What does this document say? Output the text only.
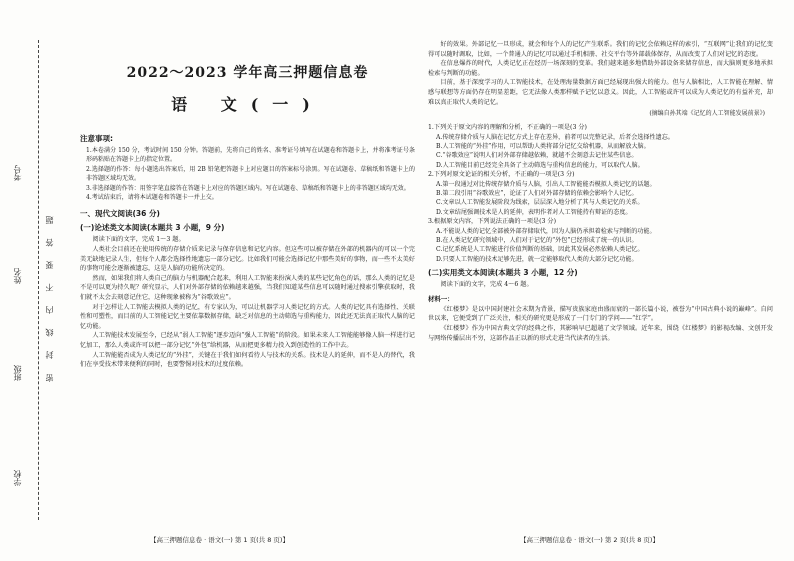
学校
班级
姓名
考号
密 封 线 内 不 要 答 题
2022～2023 学年高三押题信息卷
语 文(一)
注意事项:

1.本卷满分 150 分，考试时间 150 分钟。答题前，先将自己的姓名、准考证号填写在试题卷和答题卡上，并将准考证号条形码粘贴在答题卡上的指定位置。

2.选择题的作答：每小题选出答案后，用 2B 铅笔把答题卡上对应题目的答案标号涂黑。写在试题卷、草稿纸和答题卡上的非答题区域均无效。

3.非选择题的作答：用签字笔直接答在答题卡上对应的答题区域内。写在试题卷、草稿纸和答题卡上的非答题区域均无效。

4.考试结束后，请将本试题卷和答题卡一并上交。

一、现代文阅读(36 分)
(一)论述类文本阅读(本题共 3 小题，9 分)

阅读下面的文字，完成 1～3 题。

人类社会目前还在使用传统的存储介质来记录与保存信息和记忆内容。但这些可以被存储在外部的机器内的可以一个完美无缺地记录人生，但每个人都会选择性地遗忘一部分记忆。比如我们可能会选择记忆中那些美好的事物，而一些不太美好的事物可能会逐渐被遗忘，这是人脑的功能所决定的。

然而，如果我们将人类自己的脑力与机器配合起来，利用人工智能来扮演人类的某些记忆角色的话，那么人类的记忆是不是可以更为持久呢？研究显示，人们对外部存储的依赖越来越强，当我们知道某些信息可以随时通过搜索引擎获取时，我们就不太会去刻意记住它，这种现象被称为“谷歌效应”。

对于怎样让人工智能去模拟人类的记忆，有专家认为，可以让机器学习人类记忆的方式。人类的记忆具有选择性、关联性和可塑性，而目前的人工智能记忆主要依靠数据存储，缺乏对信息的主动筛选与重构能力，因此还无法真正取代人脑的记忆功能。

人工智能技术发展至今，已经从“弱人工智能”逐步迈向“强人工智能”的阶段。如果未来人工智能能够像人脑一样进行记忆加工，那么人类或许可以把一部分记忆“外包”给机器，从而把更多精力投入到创造性的工作中去。

人工智能能否成为人类记忆的“外挂”，关键在于我们如何看待人与技术的关系。技术是人的延伸，而不是人的替代，我们在享受技术带来便利的同时，也要警惕对技术的过度依赖。

好的效果。外部记忆一旦形成，就会和每个人的记忆产生联系。我们的记忆会依赖这样的索引，“互联网”让我们的记忆变得可以随时调取，比如，一个普通人的记忆可以通过手机相册、社交平台等外部载体保存，从而改变了人们对记忆的态度。

在信息爆炸的时代，人类记忆正在经历一场深刻的变革。我们越来越多地借助外部设备来储存信息，而大脑则更多地承担检索与判断的功能。

目前，基于深度学习的人工智能技术，在处理海量数据方面已经展现出强大的能力。但与人脑相比，人工智能在理解、情感与联想等方面仍存在明显差距，它无法像人类那样赋予记忆以意义。因此，人工智能或许可以成为人类记忆的有益补充，却难以真正取代人类的记忆。

(摘编自孙其端《记忆的人工智能发展前景》)

1.下列关于原文内容的理解和分析，不正确的一项是(3 分)

A.传统存储介质与人脑在记忆方式上存在差异，前者可以完整记录，后者会选择性遗忘。

B.人工智能的“外挂”作用，可以帮助人类将部分记忆交给机器，从而解放大脑。

C.“谷歌效应”说明人们对外部存储越依赖，就越不会刻意去记住某些信息。

D.人工智能目前已经完全具备了主动筛选与重构信息的能力，可以取代人脑。

2.下列对原文论证的相关分析，不正确的一项是(3 分)

A.第一段通过对比传统存储介质与人脑，引出人工智能能否模拟人类记忆的话题。

B.第二段引用“谷歌效应”，论证了人们对外部存储的依赖会影响个人记忆。

C.文章以人工智能发展阶段为线索，层层深入地分析了其与人类记忆的关系。

D.文章结尾强调技术是人的延伸，表明作者对人工智能持有辩证的态度。

3.根据原文内容，下列说法正确的一项是(3 分)

A.不能说人类的记忆全部被外部存储取代，因为人脑仍承担着检索与判断的功能。

B.在人类记忆研究领域中，人们对于记忆的“外包”已经形成了统一的认识。

C.记忆系统是人工智能进行价值判断的基础，因此其发展必然依赖人类记忆。

D.只要人工智能的技术足够先进，就一定能够取代人类的大部分记忆功能。

(二)实用类文本阅读(本题共 3 小题，12 分)

阅读下面的文字，完成 4～6 题。

材料一：

《红楼梦》是以中国封建社会末期为背景，描写贵族家庭由盛而衰的一部长篇小说，被誉为“中国古典小说的巅峰”。自问世以来，它便受到了广泛关注，相关的研究更是形成了一门专门的学问——“红学”。

《红楼梦》作为中国古典文学的经典之作，其影响早已超越了文学领域。近年来，围绕《红楼梦》的影视改编、文创开发与网络传播层出不穷，这部作品正以新的形式走进当代读者的生活。

【高三押题信息卷 · 语文(一) 第 1 页(共 8 页)】	【高三押题信息卷 · 语文(一) 第 2 页(共 8 页)】
